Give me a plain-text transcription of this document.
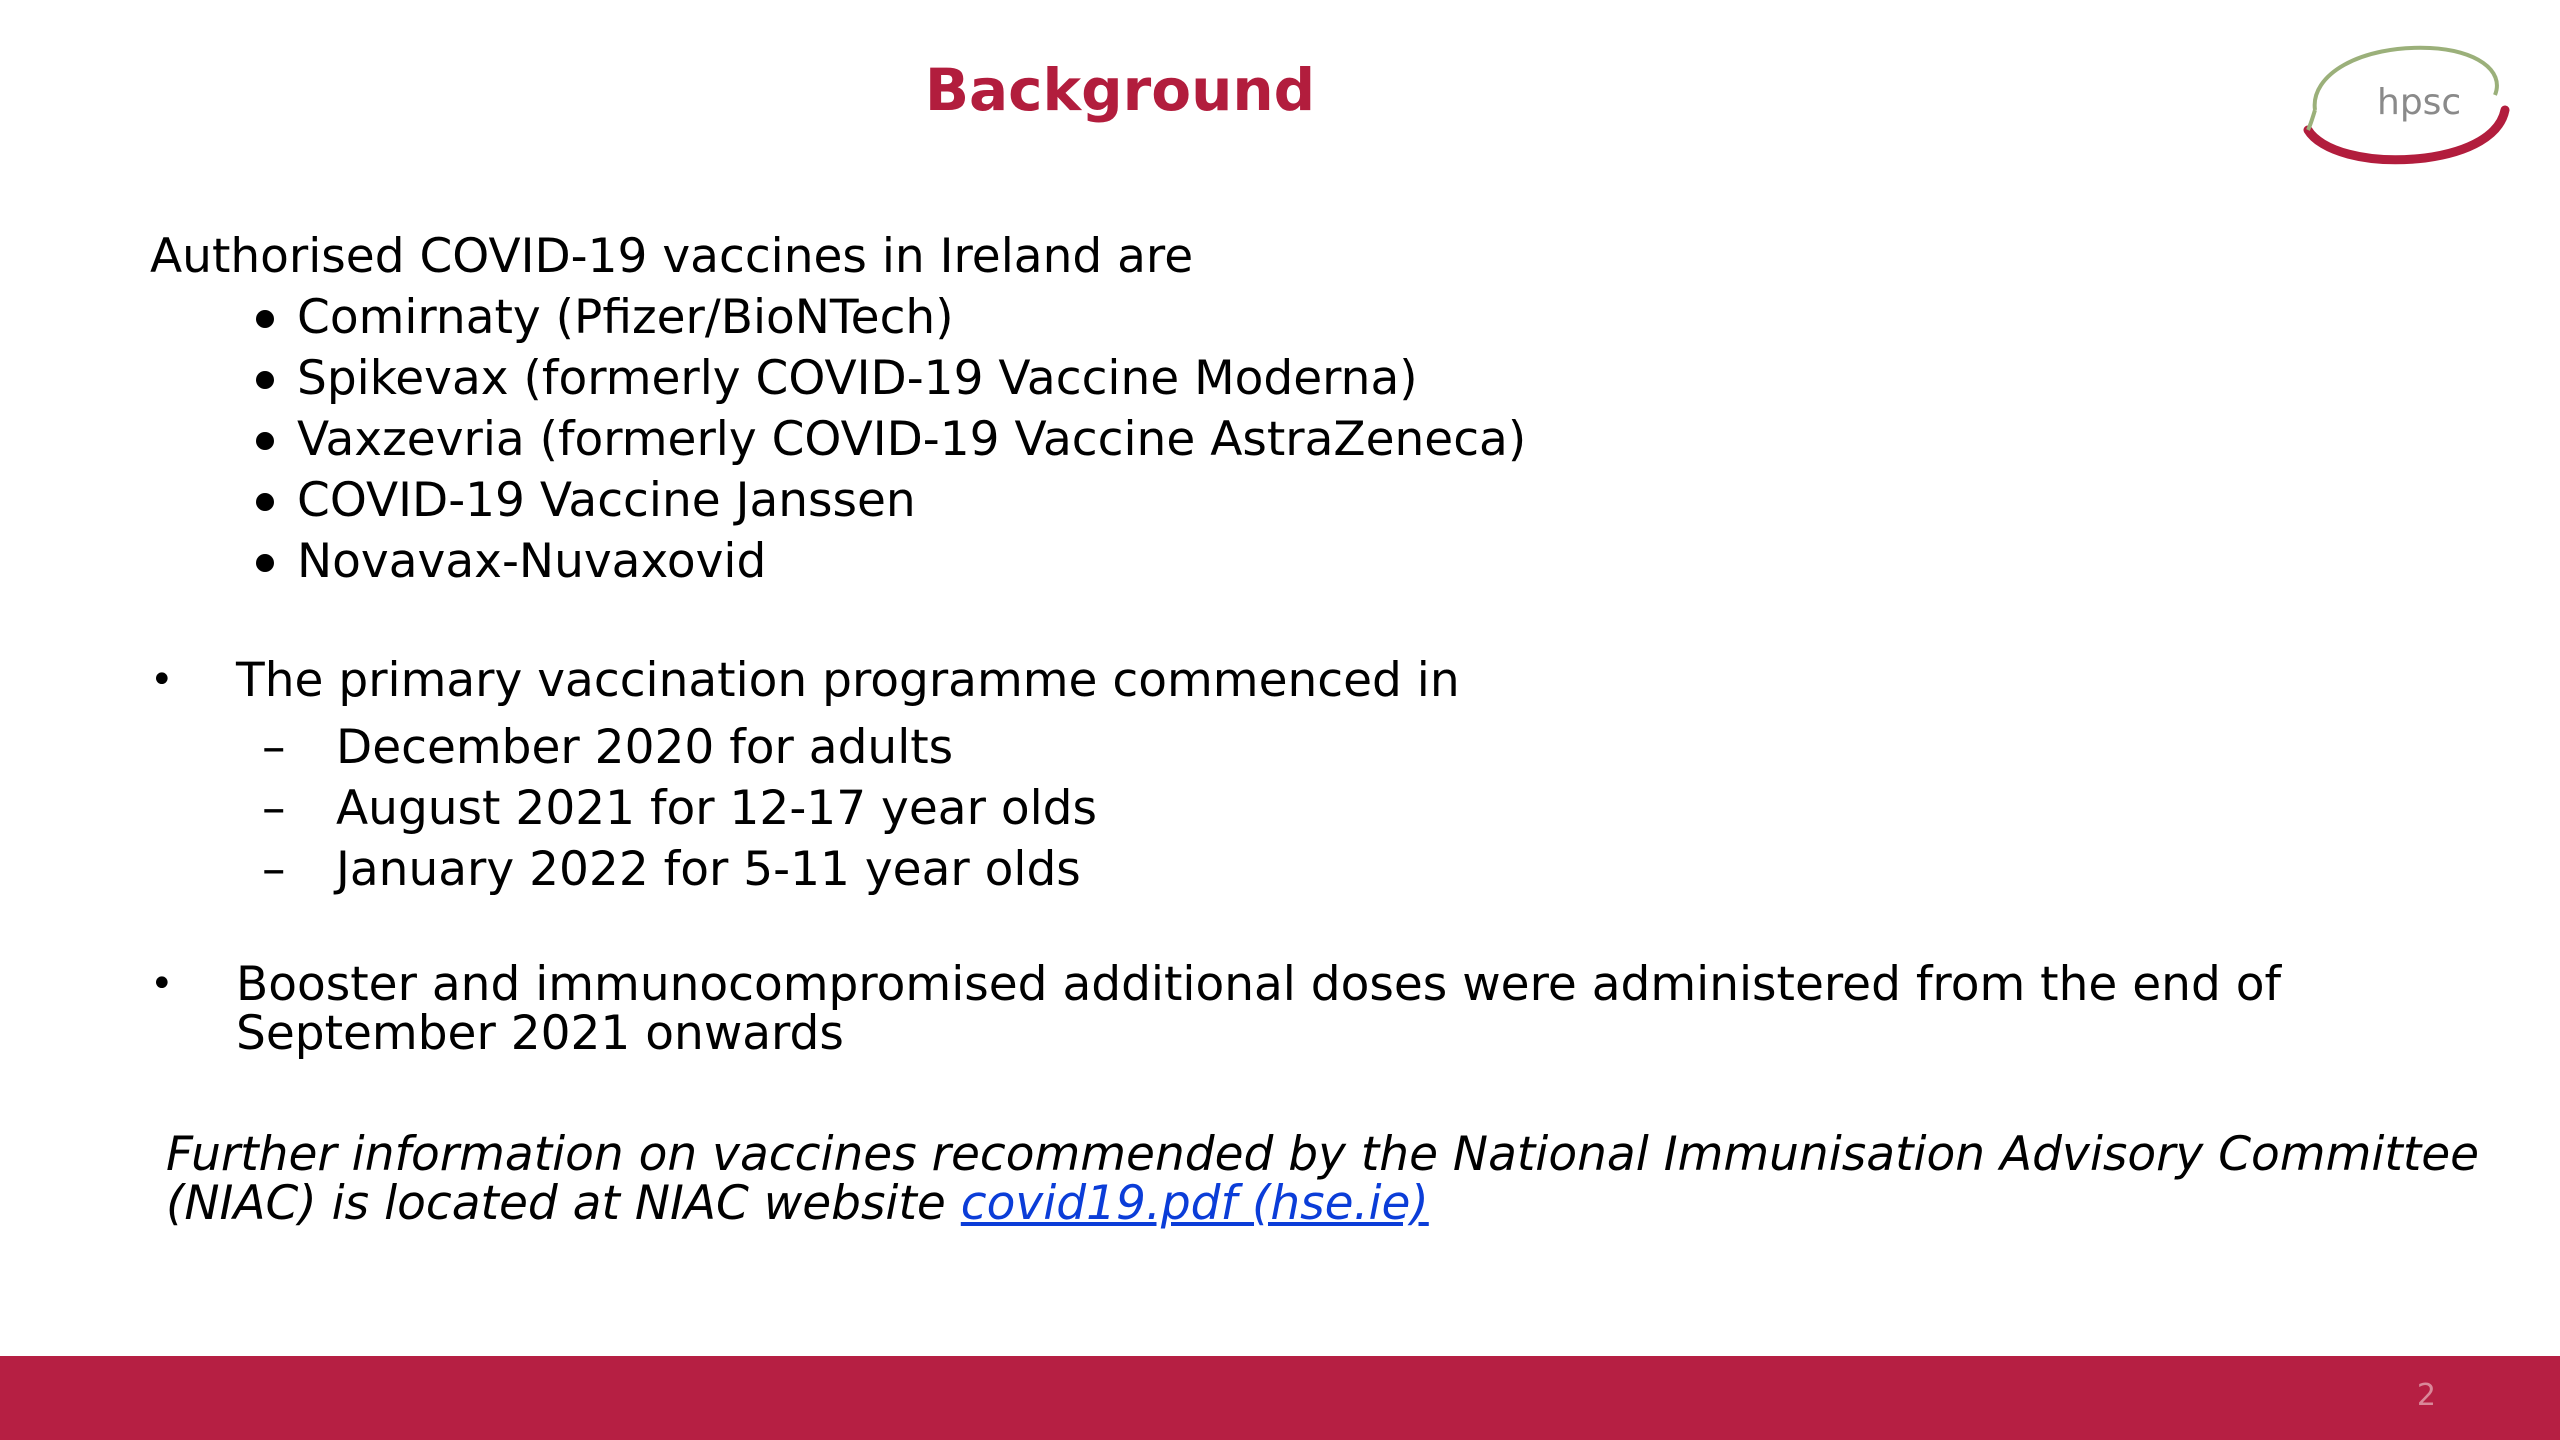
Background	hpsc
Authorised COVID-19 vaccines in Ireland are
Comirnaty (Pfizer/BioNTech)
Spikevax (formerly COVID-19 Vaccine Moderna)
Vaxzevria (formerly COVID-19 Vaccine AstraZeneca)
COVID-19 Vaccine Janssen
Novavax-Nuvaxovid
• The primary vaccination programme commenced in
– December 2020 for adults
– August 2021 for 12-17 year olds
– January 2022 for 5-11 year olds
• Booster and immunocompromised additional doses were administered from the end of
September 2021 onwards
Further information on vaccines recommended by the National Immunisation Advisory Committee
(NIAC) is located at NIAC website covid19.pdf (hse.ie)
2
